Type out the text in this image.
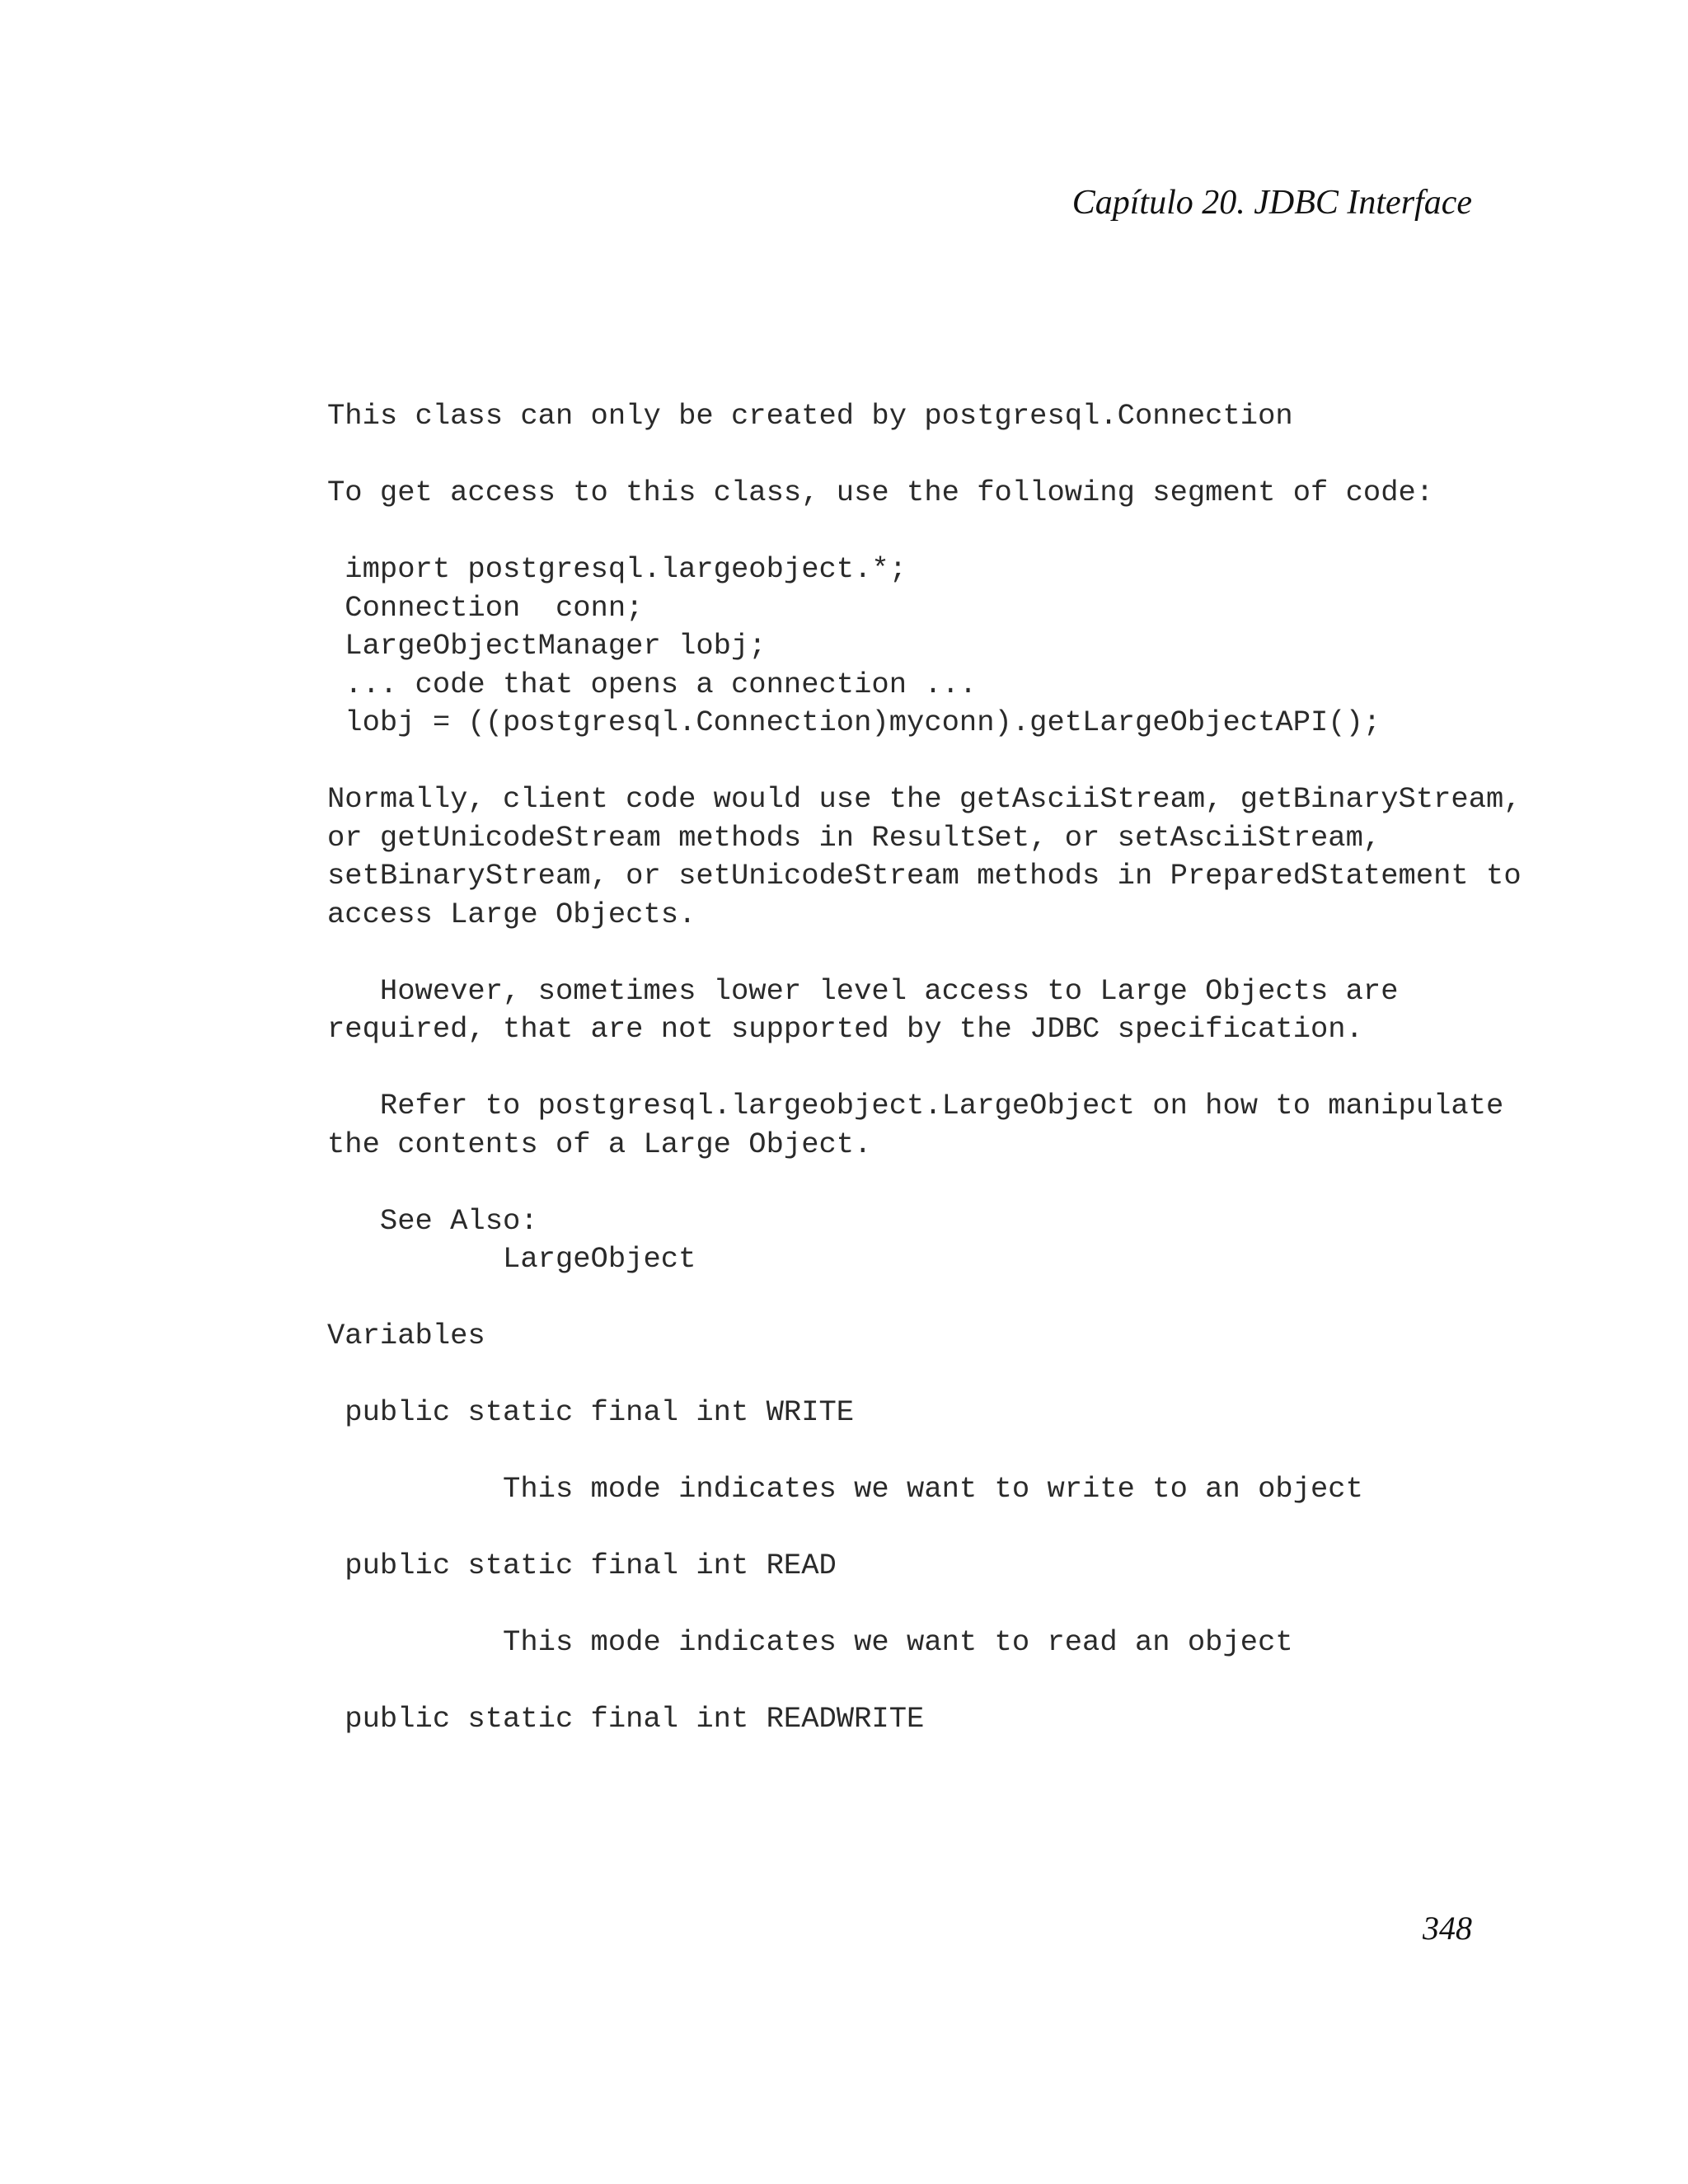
Capítulo 20. JDBC Interface
This class can only be created by postgresql.Connection
To get access to this class, use the following segment of code:
import postgresql.largeobject.*;
Connection  conn;
LargeObjectManager lobj;
... code that opens a connection ...
lobj = ((postgresql.Connection)myconn).getLargeObjectAPI();
Normally, client code would use the getAsciiStream, getBinaryStream,
or getUnicodeStream methods in ResultSet, or setAsciiStream,
setBinaryStream, or setUnicodeStream methods in PreparedStatement to
access Large Objects.
However, sometimes lower level access to Large Objects are
required, that are not supported by the JDBC specification.
Refer to postgresql.largeobject.LargeObject on how to manipulate
the contents of a Large Object.
See Also:
LargeObject
Variables
public static final int WRITE
This mode indicates we want to write to an object
public static final int READ
This mode indicates we want to read an object
public static final int READWRITE
348
